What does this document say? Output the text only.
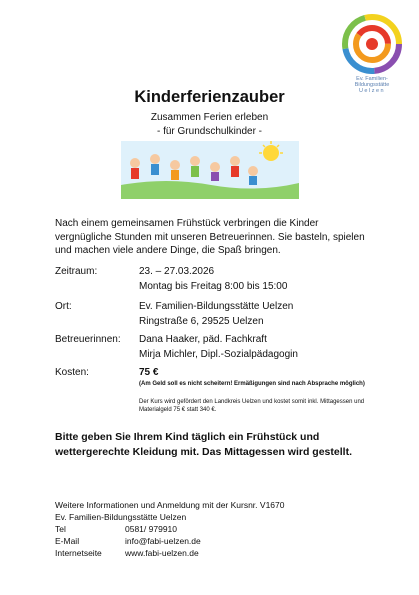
Ev. Familien-
Bildungsstätte
Uelzen
Kinderferienzauber
Zusammen Ferien erleben
- für Grundschulkinder -
Nach einem gemeinsamen Frühstück verbringen die Kinder vergnügliche Stunden mit unseren Betreuerinnen. Sie basteln, spielen und machen viele andere Dinge, die Spaß bringen.
Zeitraum:	23. – 27.03.2026
Montag bis Freitag 8:00 bis 15:00
Ort:	Ev. Familien-Bildungsstätte Uelzen
Ringstraße 6, 29525 Uelzen
Betreuerinnen: Dana Haaker, päd. Fachkraft
Mirja Michler, Dipl.-Sozialpädagogin
Kosten:	75 €
(Am Geld soll es nicht scheitern! Ermäßigungen sind nach Absprache möglich)
Der Kurs wird gefördert den Landkreis Uelzen und kostet somit inkl. Mittagessen und Materialgeld 75 € statt 340 €.
Bitte geben Sie Ihrem Kind täglich ein Frühstück und wettergerechte Kleidung mit. Das Mittagessen wird gestellt.
Weitere Informationen und Anmeldung mit der Kursnr. V1670
Ev. Familien-Bildungsstätte Uelzen
Tel	0581/ 979910
E-Mail	info@fabi-uelzen.de
Internetseite	www.fabi-uelzen.de
